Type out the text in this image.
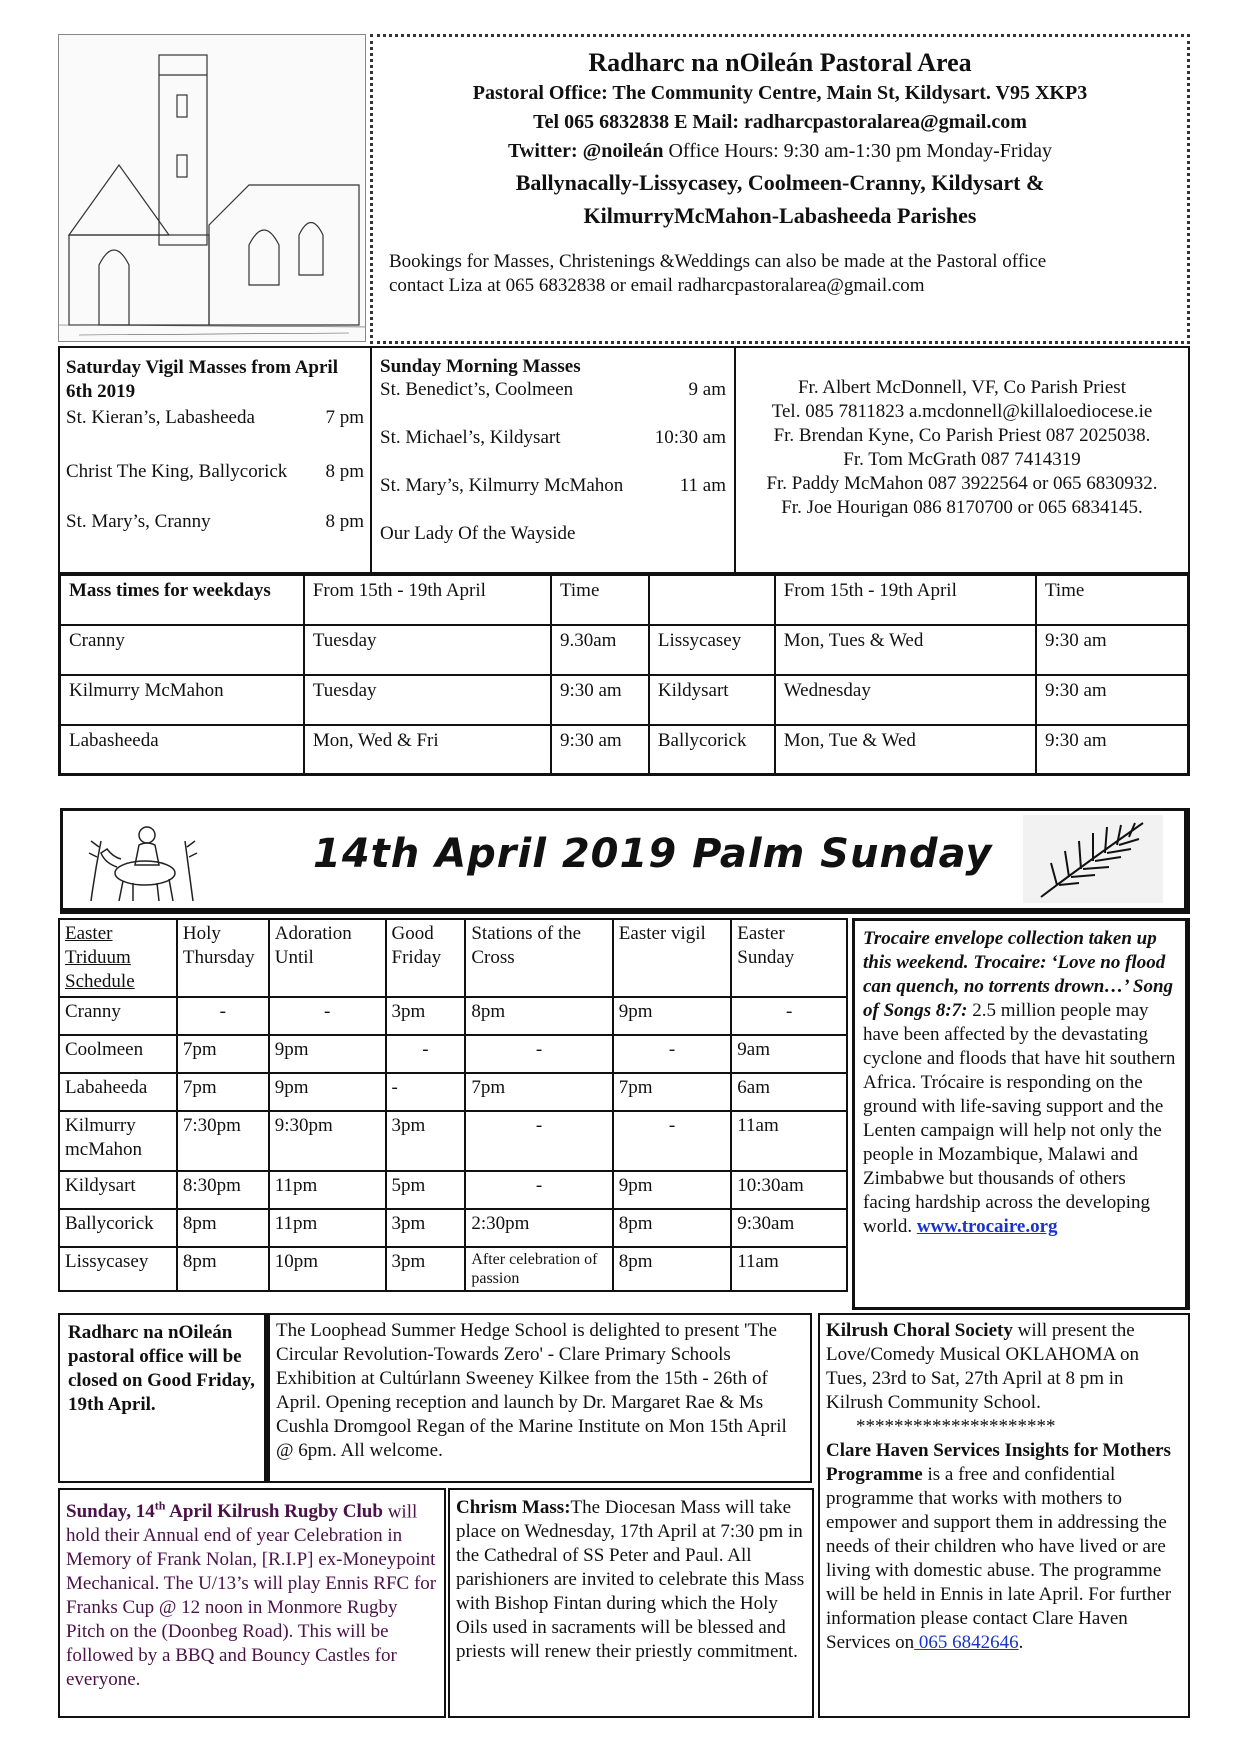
Radharc na nOileán Pastoral Area
Pastoral Office: The Community Centre, Main St, Kildysart. V95 XKP3
Tel 065 6832838 E Mail: radharcpastoralarea@gmail.com
Twitter: @noileán Office Hours: 9:30 am-1:30 pm Monday-Friday
Ballynacally-Lissycasey, Coolmeen-Cranny, Kildysart &
KilmurryMcMahon-Labasheeda Parishes
Bookings for Masses, Christenings &Weddings can also be made at the Pastoral office
contact Liza at 065 6832838 or email radharcpastoralarea@gmail.com
Saturday Vigil Masses from April 6th 2019
St. Kieran’s, Labasheeda	7 pm
Christ The King, Ballycorick 8 pm
St. Mary’s, Cranny	8 pm
Sunday Morning Masses
St. Benedict’s, Coolmeen	9 am
St. Michael’s, Kildysart	10:30 am
St. Mary’s, Kilmurry McMahon	11 am
Our Lady Of the Wayside
Fr. Albert McDonnell, VF, Co Parish Priest
Tel. 085 7811823 a.mcdonnell@killaloediocese.ie
Fr. Brendan Kyne, Co Parish Priest 087 2025038.
Fr. Tom McGrath 087 7414319
Fr. Paddy McMahon 087 3922564 or 065 6830932.
Fr. Joe Hourigan 086 8170700 or 065 6834145.
Mass times for weekdays	From 15th - 19th April	Time		From 15th - 19th April	Time
Cranny	Tuesday	9.30am	Lissycasey	Mon, Tues & Wed	9:30 am
Kilmurry McMahon	Tuesday	9:30 am	Kildysart	Wednesday	9:30 am
Labasheeda	Mon, Wed & Fri	9:30 am	Ballycorick	Mon, Tue & Wed	9:30 am
14th April 2019 Palm Sunday
Easter Triduum Schedule	Holy Thursday	Adoration Until	Good Friday	Stations of the Cross	Easter vigil	Easter Sunday
Cranny	-	-	3pm	8pm	9pm	-
Coolmeen	7pm	9pm	-	-	-	9am
Labaheeda	7pm	9pm	-	7pm	7pm	6am
Kilmurry mcMahon	7:30pm	9:30pm	3pm	-	-	11am
Kildysart	8:30pm	11pm	5pm	-	9pm	10:30am
Ballycorick	8pm	11pm	3pm	2:30pm	8pm	9:30am
Lissycasey	8pm	10pm	3pm	After celebration of passion	8pm	11am
Trocaire envelope collection taken up this weekend. Trocaire: ‘Love no flood can quench, no torrents drown…’ Song of Songs 8:7: 2.5 million people may have been affected by the devastating cyclone and floods that have hit southern Africa. Trócaire is responding on the ground with life-saving support and the Lenten campaign will help not only the people in Mozambique, Malawi and Zimbabwe but thousands of others facing hardship across the developing world. www.trocaire.org
Radharc na nOileán pastoral office will be closed on Good Friday, 19th April.
The Loophead Summer Hedge School is delighted to present 'The Circular Revolution-Towards Zero' - Clare Primary Schools Exhibition at Cultúrlann Sweeney Kilkee from the 15th - 26th of April. Opening reception and launch by Dr. Margaret Rae & Ms Cushla Dromgool Regan of the Marine Institute on Mon 15th April @ 6pm. All welcome.
Kilrush Choral Society will present the Love/Comedy Musical OKLAHOMA on Tues, 23rd to Sat, 27th April at 8 pm in Kilrush Community School.
*********************
Clare Haven Services Insights for Mothers Programme is a free and confidential programme that works with mothers to empower and support them in addressing the needs of their children who have lived or are living with domestic abuse. The programme will be held in Ennis in late April. For further information please contact Clare Haven Services on 065 6842646.
Sunday, 14th April Kilrush Rugby Club will hold their Annual end of year Celebration in Memory of Frank Nolan, [R.I.P] ex-Moneypoint Mechanical. The U/13’s will play Ennis RFC for Franks Cup @ 12 noon in Monmore Rugby Pitch on the (Doonbeg Road). This will be followed by a BBQ and Bouncy Castles for everyone.
Chrism Mass:The Diocesan Mass will take place on Wednesday, 17th April at 7:30 pm in the Cathedral of SS Peter and Paul. All parishioners are invited to celebrate this Mass with Bishop Fintan during which the Holy Oils used in sacraments will be blessed and priests will renew their priestly commitment.
